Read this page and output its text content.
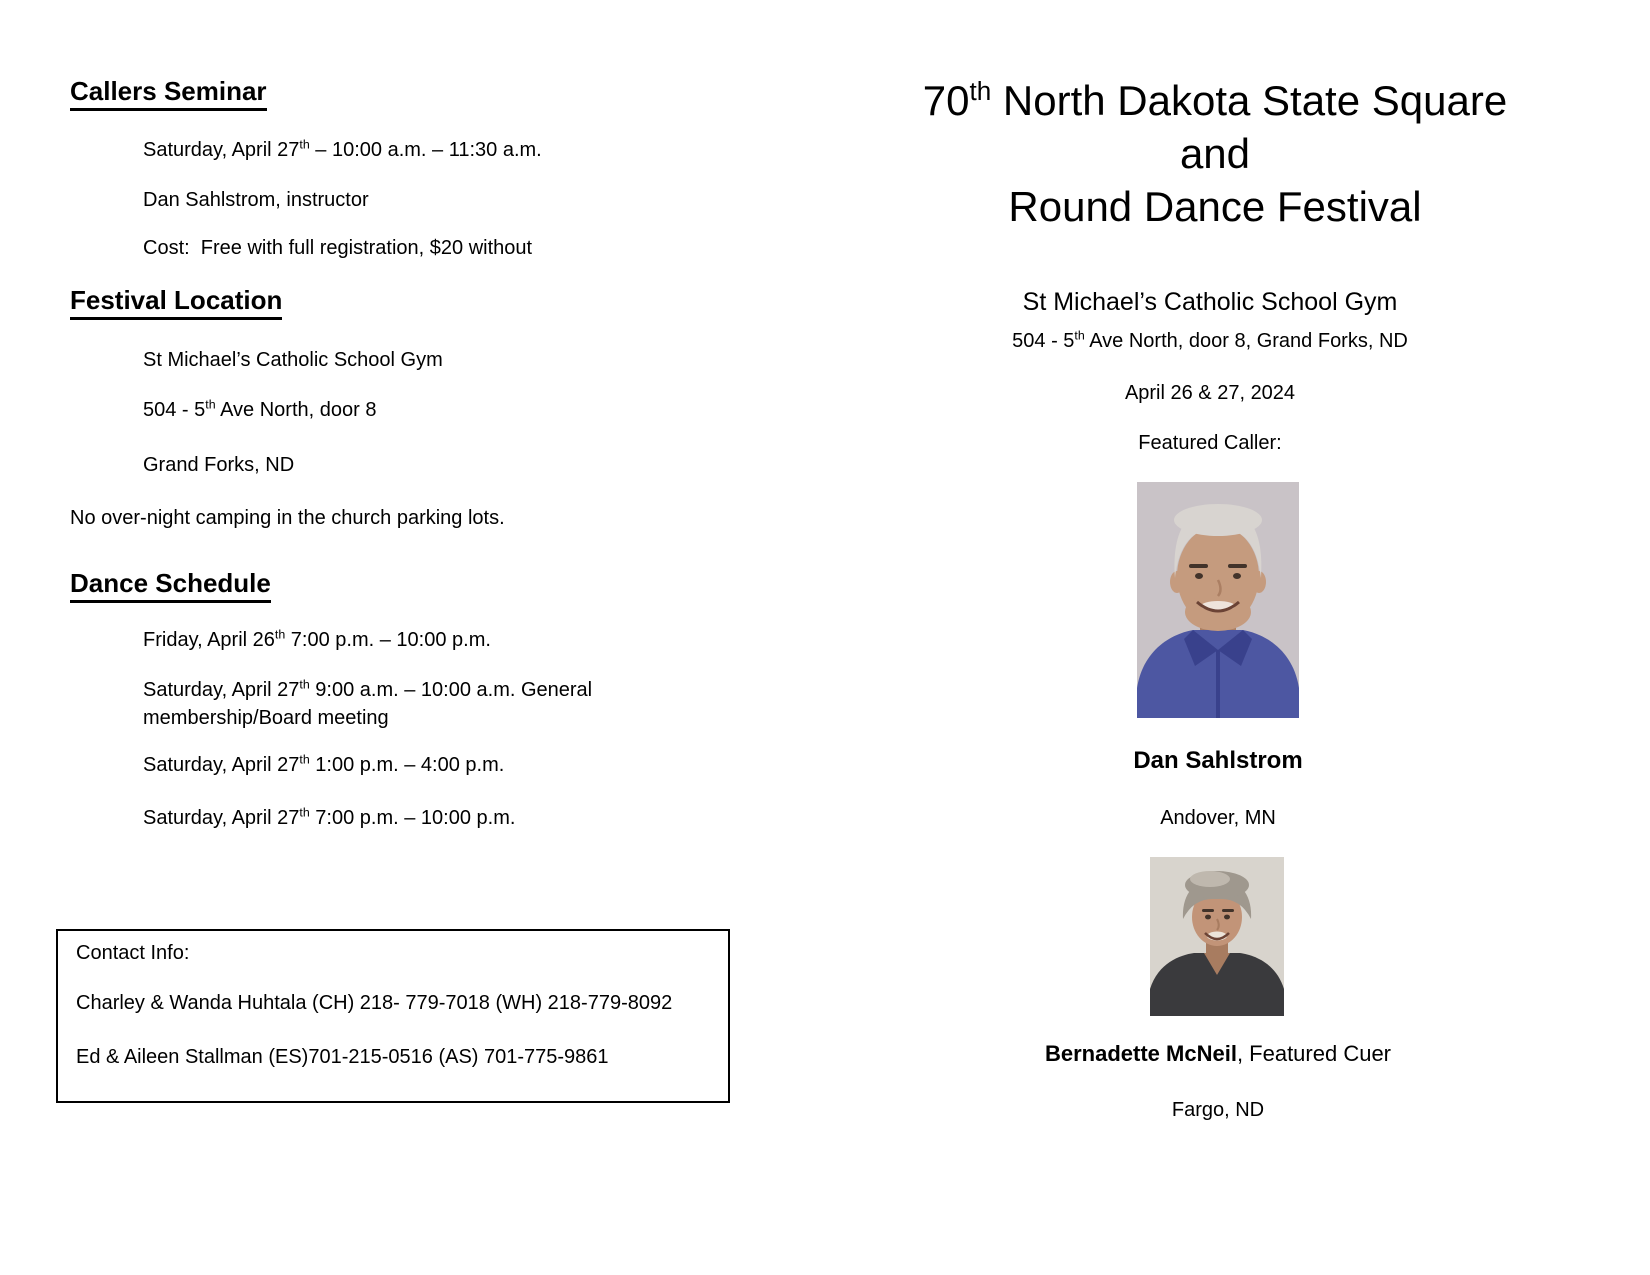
Callers Seminar
Saturday, April 27th – 10:00 a.m. – 11:30 a.m.
Dan Sahlstrom, instructor
Cost:  Free with full registration, $20 without
Festival Location
St Michael’s Catholic School Gym
504 - 5th Ave North, door 8
Grand Forks, ND
No over-night camping in the church parking lots.
Dance Schedule
Friday, April 26th 7:00 p.m. – 10:00 p.m.
Saturday, April 27th 9:00 a.m. – 10:00 a.m. General membership/Board meeting
Saturday, April 27th 1:00 p.m. – 4:00 p.m.
Saturday, April 27th 7:00 p.m. – 10:00 p.m.
Contact Info:
Charley & Wanda Huhtala (CH) 218- 779-7018 (WH) 218-779-8092
Ed & Aileen Stallman (ES)701-215-0516 (AS) 701-775-9861
70th North Dakota State Square
and
Round Dance Festival
St Michael’s Catholic School Gym
504 - 5th Ave North, door 8, Grand Forks, ND
April 26 & 27, 2024
Featured Caller:
Dan Sahlstrom
Andover, MN
Bernadette McNeil, Featured Cuer
Fargo, ND
